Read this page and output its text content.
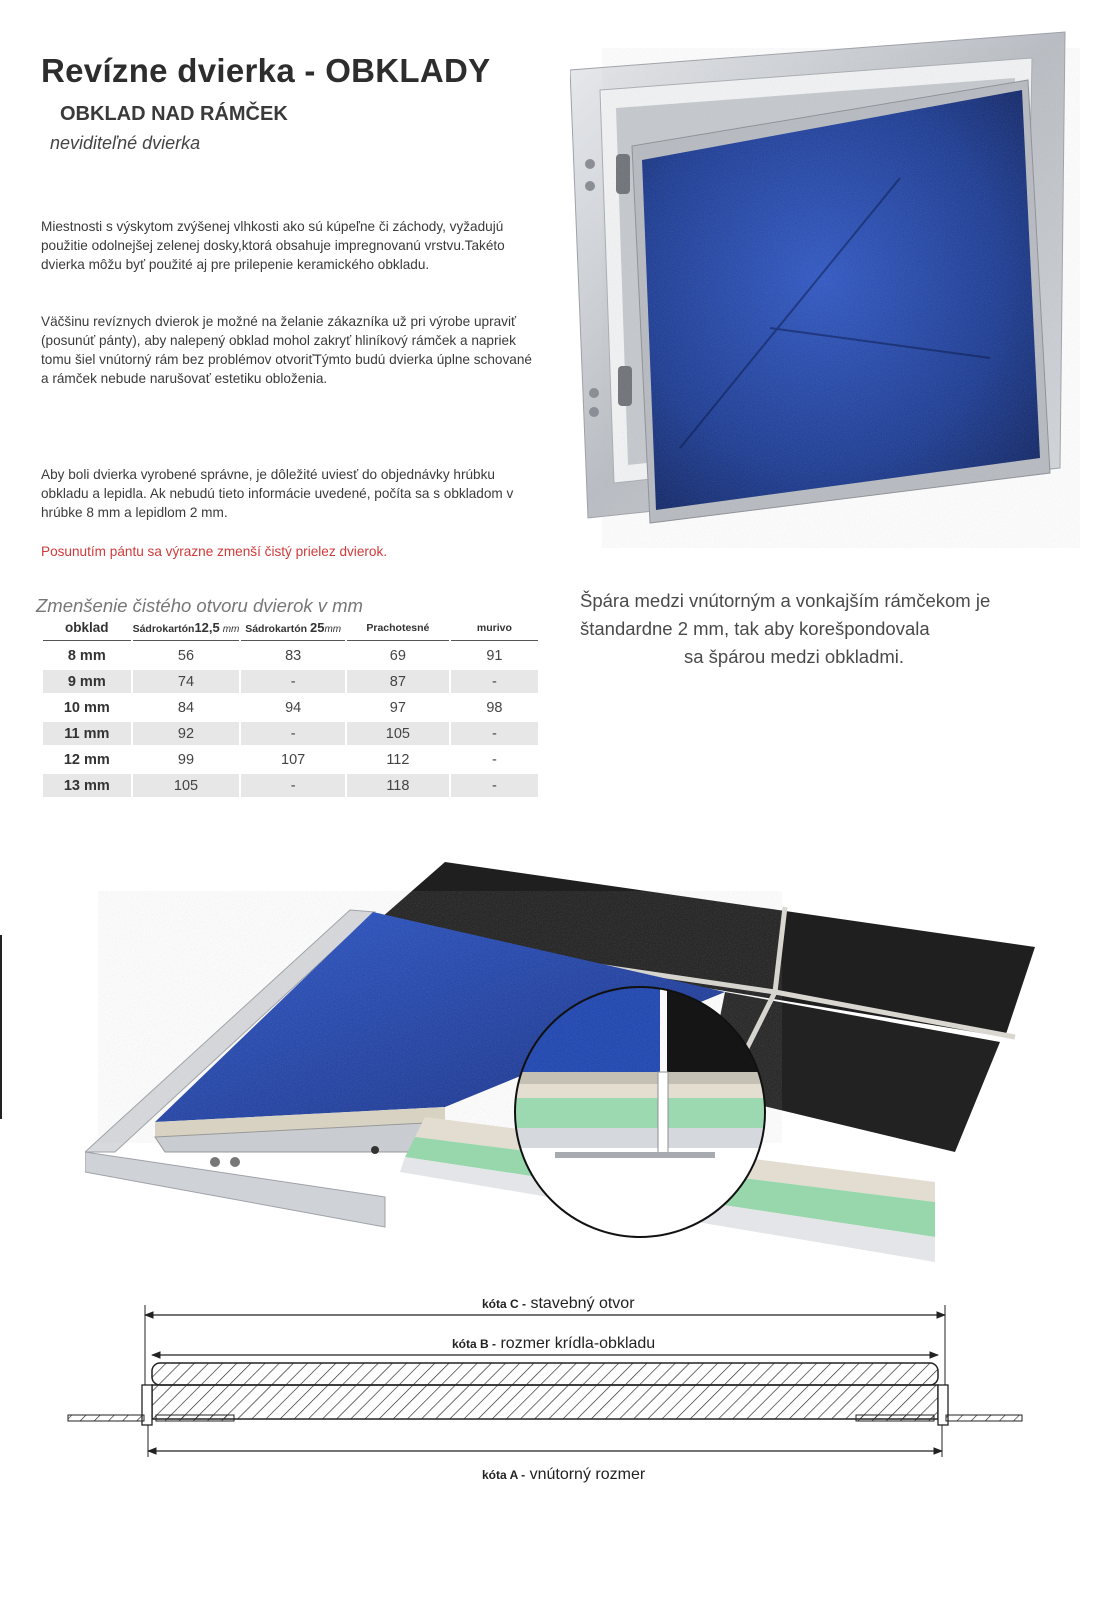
Revízne dvierka - OBKLADY
OBKLAD NAD RÁMČEK
neviditeľné dvierka
Miestnosti s výskytom zvýšenej vlhkosti ako sú kúpeľne či záchody, vyžadujú použitie odolnejšej zelenej dosky,ktorá obsahuje impregnovanú vrstvu.Takéto dvierka môžu byť použité aj pre prilepenie keramického obkladu.
Väčšinu revíznych dvierok je možné na želanie zákazníka už pri výrobe upraviť (posunúť pánty), aby nalepený obklad mohol zakryť hliníkový rámček a napriek tomu šiel vnútorný rám bez problémov otvoriťTýmto budú dvierka úplne schované a rámček nebude narušovať estetiku obloženia.
Aby boli dvierka vyrobené správne, je dôležité uviesť do objednávky hrúbku obkladu a lepidla. Ak nebudú tieto informácie uvedené, počíta sa s obkladom v hrúbke 8 mm a lepidlom 2 mm.
Posunutím pántu sa výrazne zmenší čistý prielez dvierok.
Špára medzi vnútorným a vonkajším rámčekom je
štandardne 2 mm, tak aby korešpondovala
sa špárou medzi obkladmi.
Zmenšenie čistého otvoru dvierok v mm
obklad	Sádrokartón12,5 mm	Sádrokartón 25mm	Prachotesné	murivo
8 mm	56	83	69	91
9 mm	74	-	87	-
10 mm	84	94	97	98
11 mm	92	-	105	-
12 mm	99	107	112	-
13 mm	105	-	118	-
kóta C - stavebný otvor
kóta B - rozmer krídla-obkladu
kóta A - vnútorný rozmer
